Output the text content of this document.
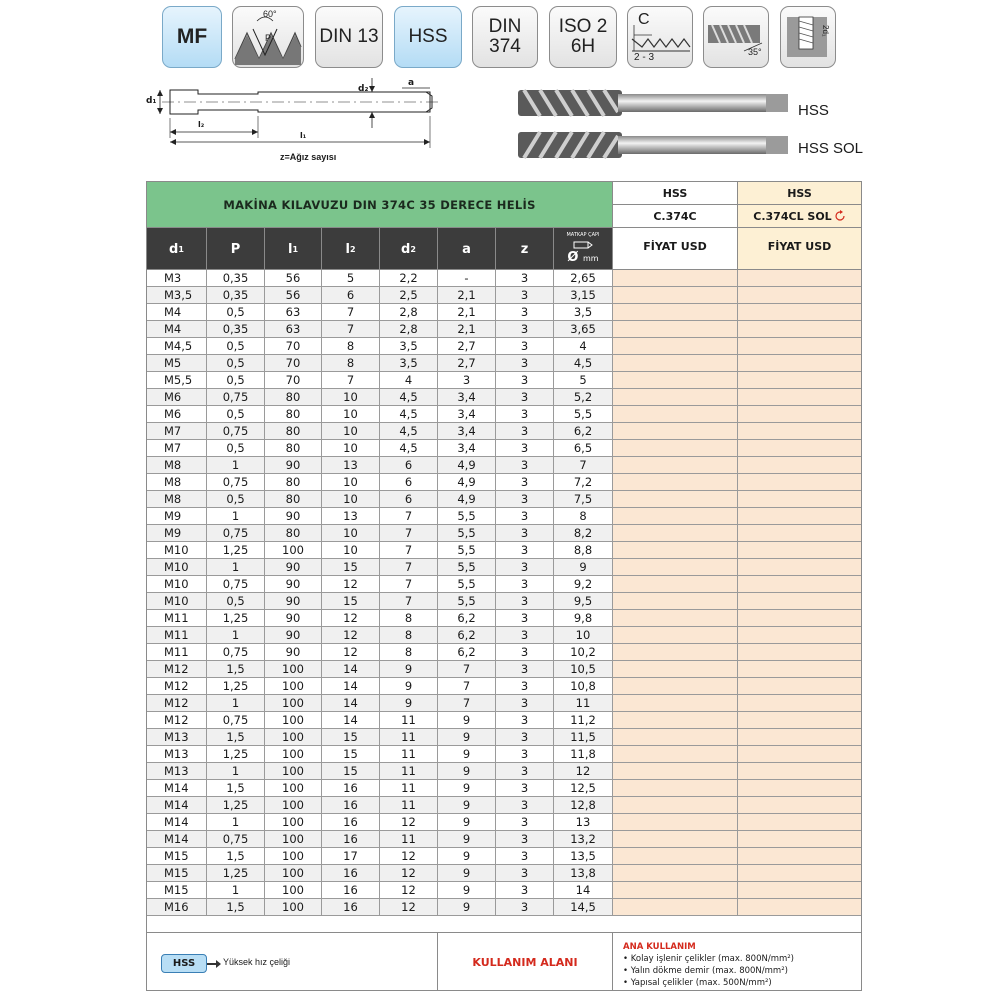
MF
60°
P	DIN 13 HSS DIN
374
ISO 2
6H
C
2 - 3	35°
2d₁
d₁
d₂
a
l₂
l₁
z=Ağız sayısı
HSS
HSS SOL
MAKİNA KILAVUZU DIN 374C 35 DERECE HELİS
HSS
C.374C
FİYAT USD
HSS
C.374CL SOL
FİYAT USD
d 1	P	l 1	l 2	d 2	a	z
MATKAP ÇAPI
Ø mm
M3	0,35	56	5	2,2	-	3	2,65
M3,5	0,35	56	6	2,5	2,1	3	3,15
M4	0,5	63	7	2,8	2,1	3	3,5
M4	0,35	63	7	2,8	2,1	3	3,65
M4,5	0,5	70	8	3,5	2,7	3	4
M5	0,5	70	8	3,5	2,7	3	4,5
M5,5	0,5	70	7	4	3	3	5
M6	0,75	80	10	4,5	3,4	3	5,2
M6	0,5	80	10	4,5	3,4	3	5,5
M7	0,75	80	10	4,5	3,4	3	6,2
M7	0,5	80	10	4,5	3,4	3	6,5
M8	1	90	13	6	4,9	3	7
M8	0,75	80	10	6	4,9	3	7,2
M8	0,5	80	10	6	4,9	3	7,5
M9	1	90	13	7	5,5	3	8
M9	0,75	80	10	7	5,5	3	8,2
M10	1,25	100	10	7	5,5	3	8,8
M10	1	90	15	7	5,5	3	9
M10	0,75	90	12	7	5,5	3	9,2
M10	0,5	90	15	7	5,5	3	9,5
M11	1,25	90	12	8	6,2	3	9,8
M11	1	90	12	8	6,2	3	10
M11	0,75	90	12	8	6,2	3	10,2
M12	1,5	100	14	9	7	3	10,5
M12	1,25	100	14	9	7	3	10,8
M12	1	100	14	9	7	3	11
M12	0,75	100	14	11	9	3	11,2
M13	1,5	100	15	11	9	3	11,5
M13	1,25	100	15	11	9	3	11,8
M13	1	100	15	11	9	3	12
M14	1,5	100	16	11	9	3	12,5
M14	1,25	100	16	11	9	3	12,8
M14	1	100	16	12	9	3	13
M14	0,75	100	16	11	9	3	13,2
M15	1,5	100	17	12	9	3	13,5
M15	1,25	100	16	12	9	3	13,8
M15	1	100	16	12	9	3	14
M16	1,5	100	16	12	9	3	14,5
HSS	Yüksek hız çeliği	KULLANIM ALANI
ANA KULLANIM
• Kolay işlenir çelikler (max. 800N/mm²)
• Yalın dökme demir (max. 800N/mm²)
• Yapısal çelikler (max. 500N/mm²)
